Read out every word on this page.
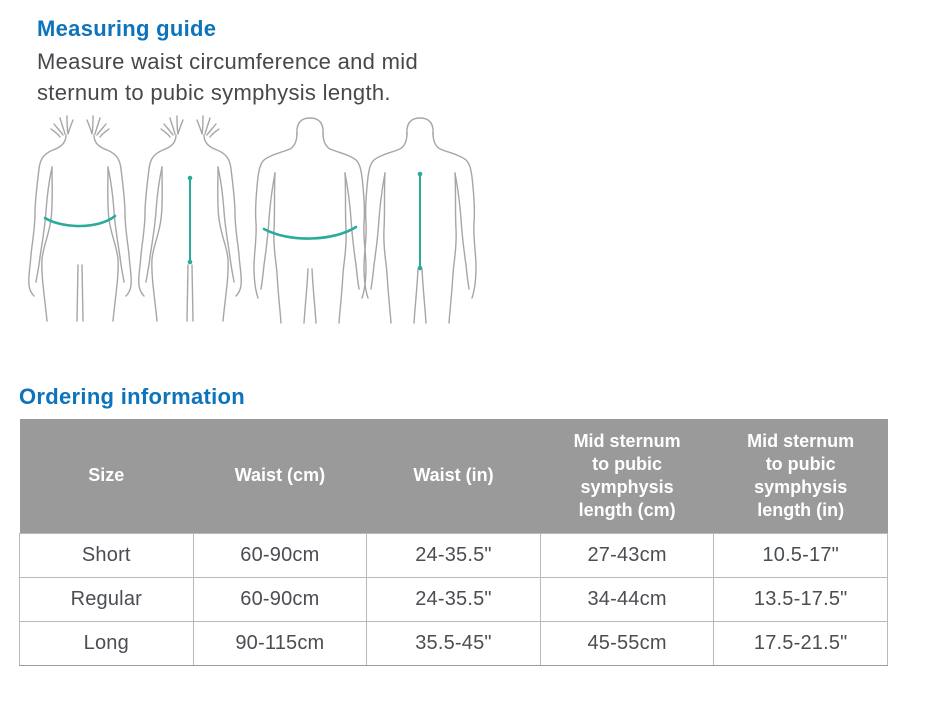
Measuring guide
Measure waist circumference and mid
sternum to pubic symphysis length.
Ordering information
Size	Waist (cm)	Waist (in)	Mid sternum to pubic symphysis length (cm)	Mid sternum to pubic symphysis length (in)

Short	60-90cm	24-35.5"	27-43cm	10.5-17"
Regular	60-90cm	24-35.5"	34-44cm	13.5-17.5"
Long	90-115cm	35.5-45"	45-55cm	17.5-21.5"
